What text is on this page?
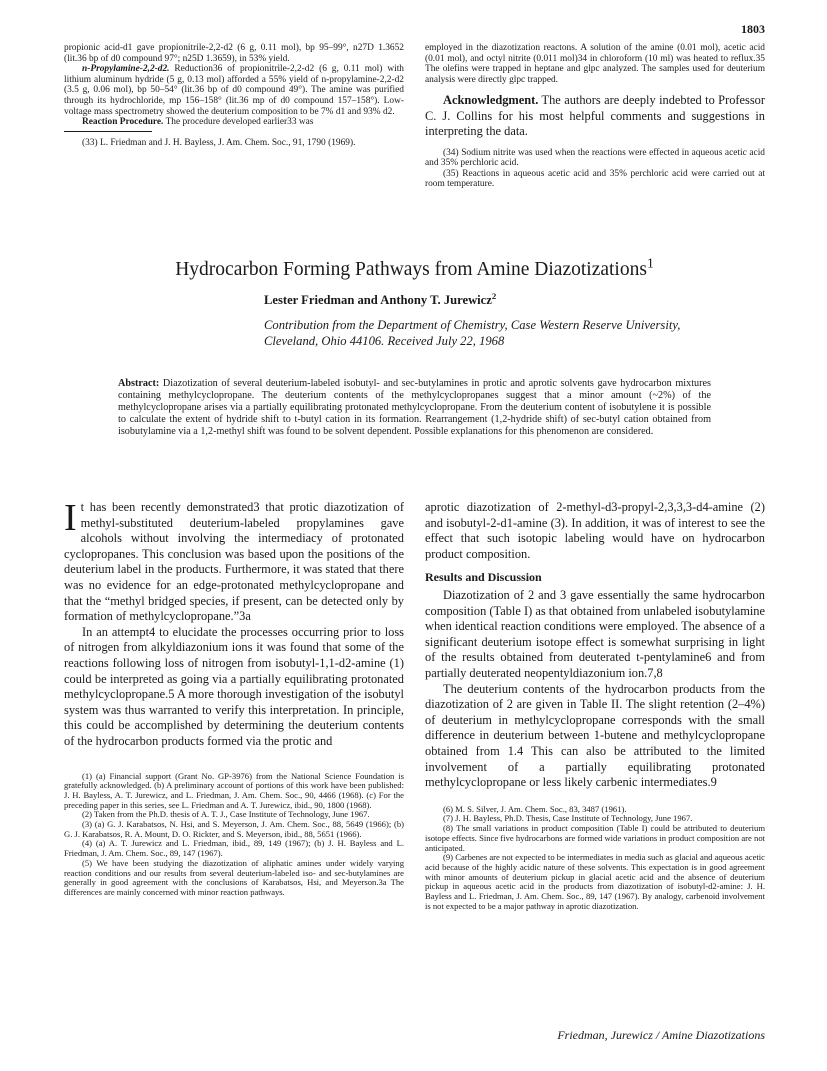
1803

propionic acid-d1 gave propionitrile-2,2-d2 (6 g, 0.11 mol), bp 95–99°, n27D 1.3652 (lit.36 bp of d0 compound 97°; n25D 1.3659), in 53% yield.

n-Propylamine-2,2-d2. Reduction36 of propionitrile-2,2-d2 (6 g, 0.11 mol) with lithium aluminum hydride (5 g, 0.13 mol) afforded a 55% yield of n-propylamine-2,2-d2 (3.5 g, 0.06 mol), bp 50–54° (lit.36 bp of d0 compound 49°). The amine was purified through its hydrochloride, mp 156–158° (lit.36 mp of d0 compound 157–158°). Low-voltage mass spectrometry showed the deuterium composition to be 7% d1 and 93% d2.

Reaction Procedure. The procedure developed earlier33 was

(33) L. Friedman and J. H. Bayless, J. Am. Chem. Soc., 91, 1790 (1969).

employed in the diazotization reactons. A solution of the amine (0.01 mol), acetic acid (0.01 mol), and octyl nitrite (0.011 mol)34 in chloroform (10 ml) was heated to reflux.35 The olefins were trapped in heptane and glpc analyzed. The samples used for deuterium analysis were directly glpc trapped.

Acknowledgment. The authors are deeply indebted to Professor C. J. Collins for his most helpful comments and suggestions in interpreting the data.

(34) Sodium nitrite was used when the reactions were effected in aqueous acetic acid and 35% perchloric acid.

(35) Reactions in aqueous acetic acid and 35% perchloric acid were carried out at room temperature.

Hydrocarbon Forming Pathways from Amine Diazotizations$^1$
Lester Friedman and Anthony T. Jurewicz$^2$
Contribution from the Department of Chemistry, Case Western Reserve University,
Cleveland, Ohio 44106. Received July 22, 1968
Abstract: Diazotization of several deuterium-labeled isobutyl- and sec-butylamines in protic and aprotic solvents gave hydrocarbon mixtures containing methylcyclopropane. The deuterium contents of the methylcyclopropanes suggest that a minor amount (~2%) of the methylcyclopropane arises via a partially equilibrating protonated methylcyclopropane. From the deuterium content of isobutylene it is possible to calculate the extent of hydride shift to t-butyl cation in its formation. Rearrangement (1,2-hydride shift) of sec-butyl cation obtained from isobutylamine via a 1,2-methyl shift was found to be solvent dependent. Possible explanations for this phenomenon are considered.

It has been recently demonstrated3 that protic diazotization of methyl-substituted deuterium-labeled propylamines gave alcohols without involving the intermediacy of protonated cyclopropanes. This conclusion was based upon the positions of the deuterium label in the products. Furthermore, it was stated that there was no evidence for an edge-protonated methylcyclopropane and that the “methyl bridged species, if present, can be detected only by formation of methylcyclopropane.”3a

In an attempt4 to elucidate the processes occurring prior to loss of nitrogen from alkyldiazonium ions it was found that some of the reactions following loss of nitrogen from isobutyl-1,1-d2-amine (1) could be interpreted as going via a partially equilibrating protonated methylcyclopropane.5 A more thorough investigation of the isobutyl system was thus warranted to verify this interpretation. In principle, this could be accomplished by determining the deuterium contents of the hydrocarbon products formed via the protic and

(1) (a) Financial support (Grant No. GP-3976) from the National Science Foundation is gratefully acknowledged. (b) A preliminary account of portions of this work have been published: J. H. Bayless, A. T. Jurewicz, and L. Friedman, J. Am. Chem. Soc., 90, 4466 (1968). (c) For the preceding paper in this series, see L. Friedman and A. T. Jurewicz, ibid., 90, 1800 (1968).

(2) Taken from the Ph.D. thesis of A. T. J., Case Institute of Technology, June 1967.

(3) (a) G. J. Karabatsos, N. Hsi, and S. Meyerson, J. Am. Chem. Soc., 88, 5649 (1966); (b) G. J. Karabatsos, R. A. Mount, D. O. Rickter, and S. Meyerson, ibid., 88, 5651 (1966).

(4) (a) A. T. Jurewicz and L. Friedman, ibid., 89, 149 (1967); (b) J. H. Bayless and L. Friedman, J. Am. Chem. Soc., 89, 147 (1967).

(5) We have been studying the diazotization of aliphatic amines under widely varying reaction conditions and our results from several deuterium-labeled iso- and sec-butylamines are generally in good agreement with the conclusions of Karabatsos, Hsi, and Meyerson.3a The differences are mainly concerned with minor reaction pathways.

aprotic diazotization of 2-methyl-d3-propyl-2,3,3,3-d4-amine (2) and isobutyl-2-d1-amine (3). In addition, it was of interest to see the effect that such isotopic labeling would have on hydrocarbon product composition.

Results and Discussion

Diazotization of 2 and 3 gave essentially the same hydrocarbon composition (Table I) as that obtained from unlabeled isobutylamine when identical reaction conditions were employed. The absence of a significant deuterium isotope effect is somewhat surprising in light of the results obtained from deuterated t-pentylamine6 and from partially deuterated neopentyldiazonium ion.7,8

The deuterium contents of the hydrocarbon products from the diazotization of 2 are given in Table II. The slight retention (2–4%) of deuterium in methylcyclopropane corresponds with the small difference in deuterium between 1-butene and methylcyclopropane obtained from 1.4 This can also be attributed to the limited involvement of a partially equilibrating protonated methylcyclopropane or less likely carbenic intermediates.9

(6) M. S. Silver, J. Am. Chem. Soc., 83, 3487 (1961).

(7) J. H. Bayless, Ph.D. Thesis, Case Institute of Technology, June 1967.

(8) The small variations in product composition (Table I) could be attributed to deuterium isotope effects. Since five hydrocarbons are formed wide variations in product composition are not anticipated.

(9) Carbenes are not expected to be intermediates in media such as glacial and aqueous acetic acid because of the highly acidic nature of these solvents. This expectation is in good agreement with minor amounts of deuterium pickup in glacial acetic acid and the absence of deuterium pickup in aqueous acetic acid in the products from diazotization of isobutyl-d2-amine: J. H. Bayless and L. Friedman, J. Am. Chem. Soc., 89, 147 (1967). By analogy, carbenoid involvement is not expected to be a major pathway in aprotic diazotization.

Friedman, Jurewicz / Amine Diazotizations
